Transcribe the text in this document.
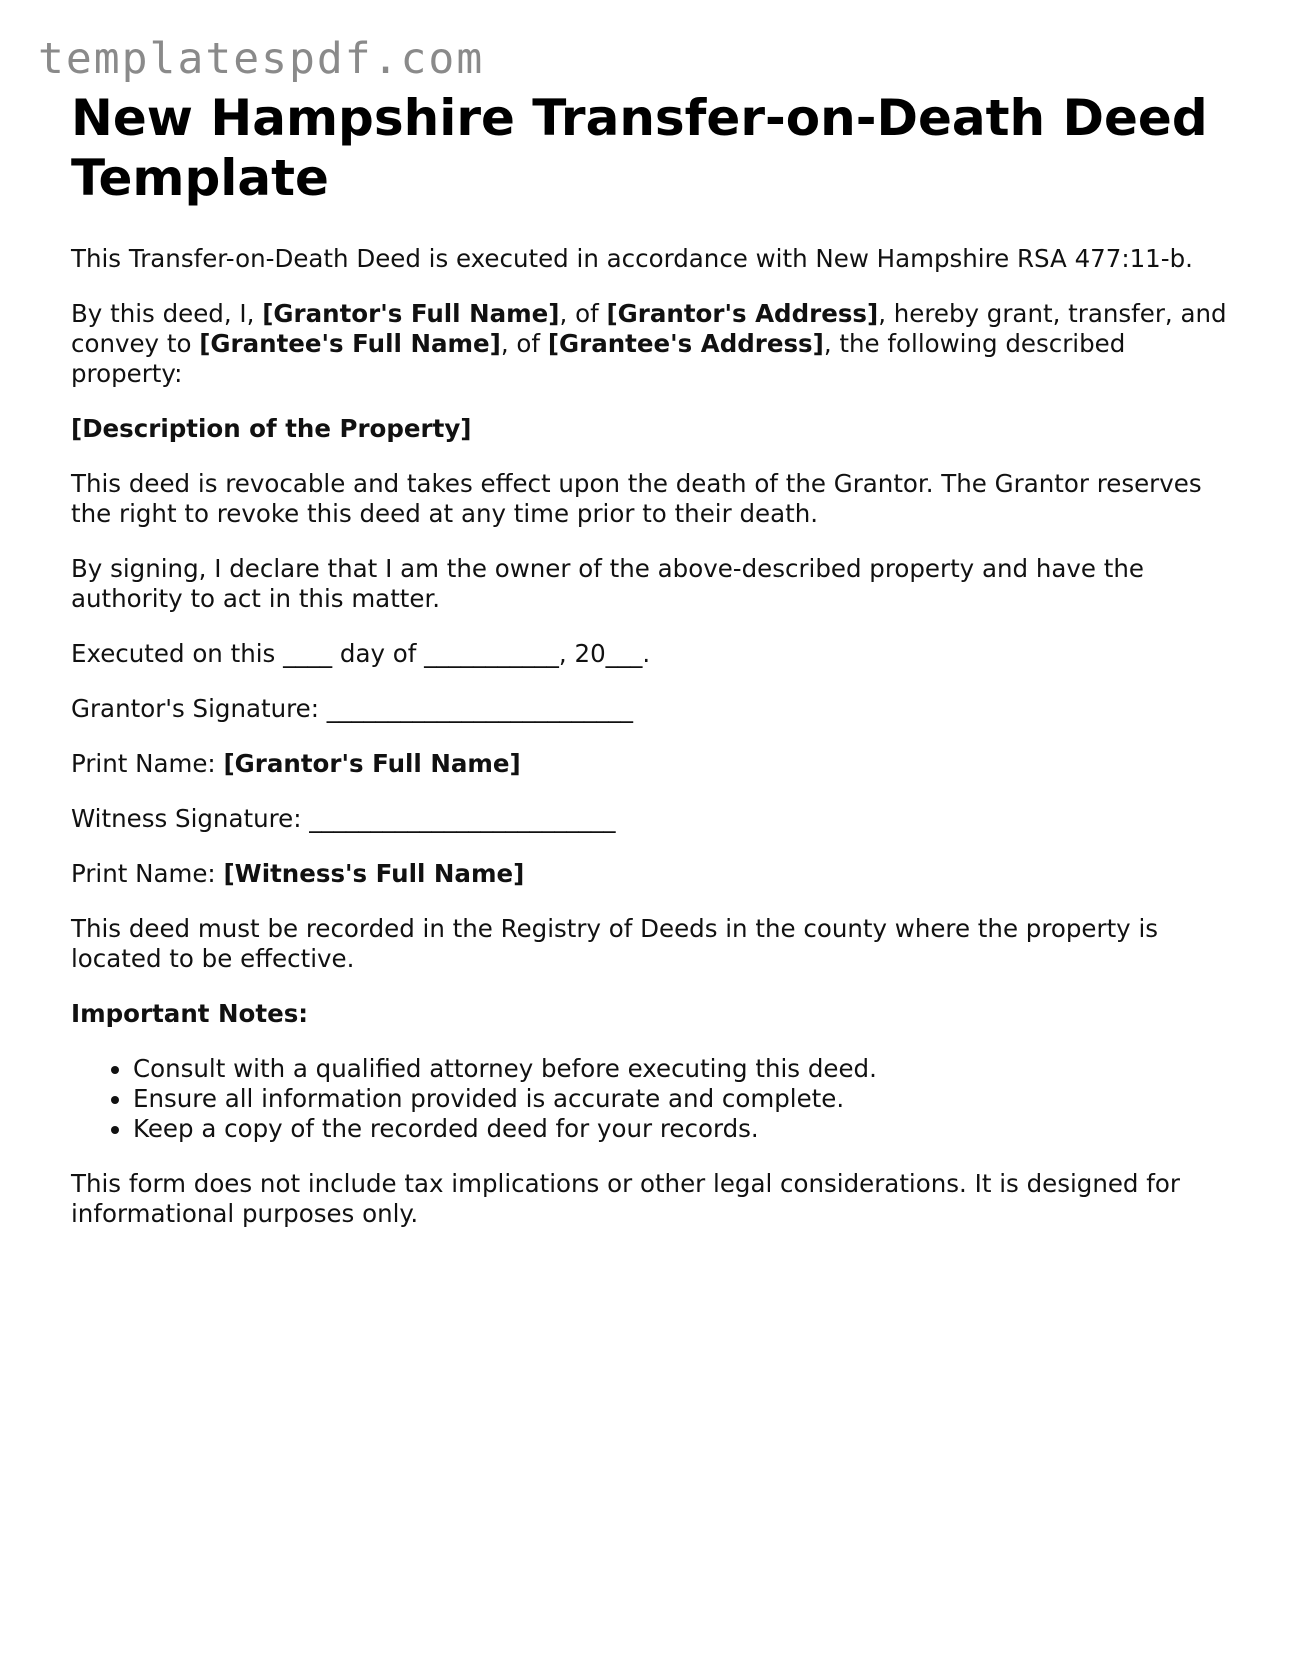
templatespdf.com
New Hampshire Transfer-on-Death Deed Template

This Transfer-on-Death Deed is executed in accordance with New Hampshire RSA 477:11-b.

By this deed, I, [Grantor's Full Name], of [Grantor's Address], hereby grant, transfer, and convey to [Grantee's Full Name], of [Grantee's Address], the following described property:

[Description of the Property]

This deed is revocable and takes effect upon the death of the Grantor. The Grantor reserves the right to revoke this deed at any time prior to their death.

By signing, I declare that I am the owner of the above-described property and have the authority to act in this matter.

Executed on this ____ day of ___________, 20___.

Grantor's Signature: _________________________

Print Name: [Grantor's Full Name]

Witness Signature: _________________________

Print Name: [Witness's Full Name]

This deed must be recorded in the Registry of Deeds in the county where the property is located to be effective.

Important Notes:

• Consult with a qualified attorney before executing this deed.
• Ensure all information provided is accurate and complete.
• Keep a copy of the recorded deed for your records.

This form does not include tax implications or other legal considerations. It is designed for informational purposes only.
